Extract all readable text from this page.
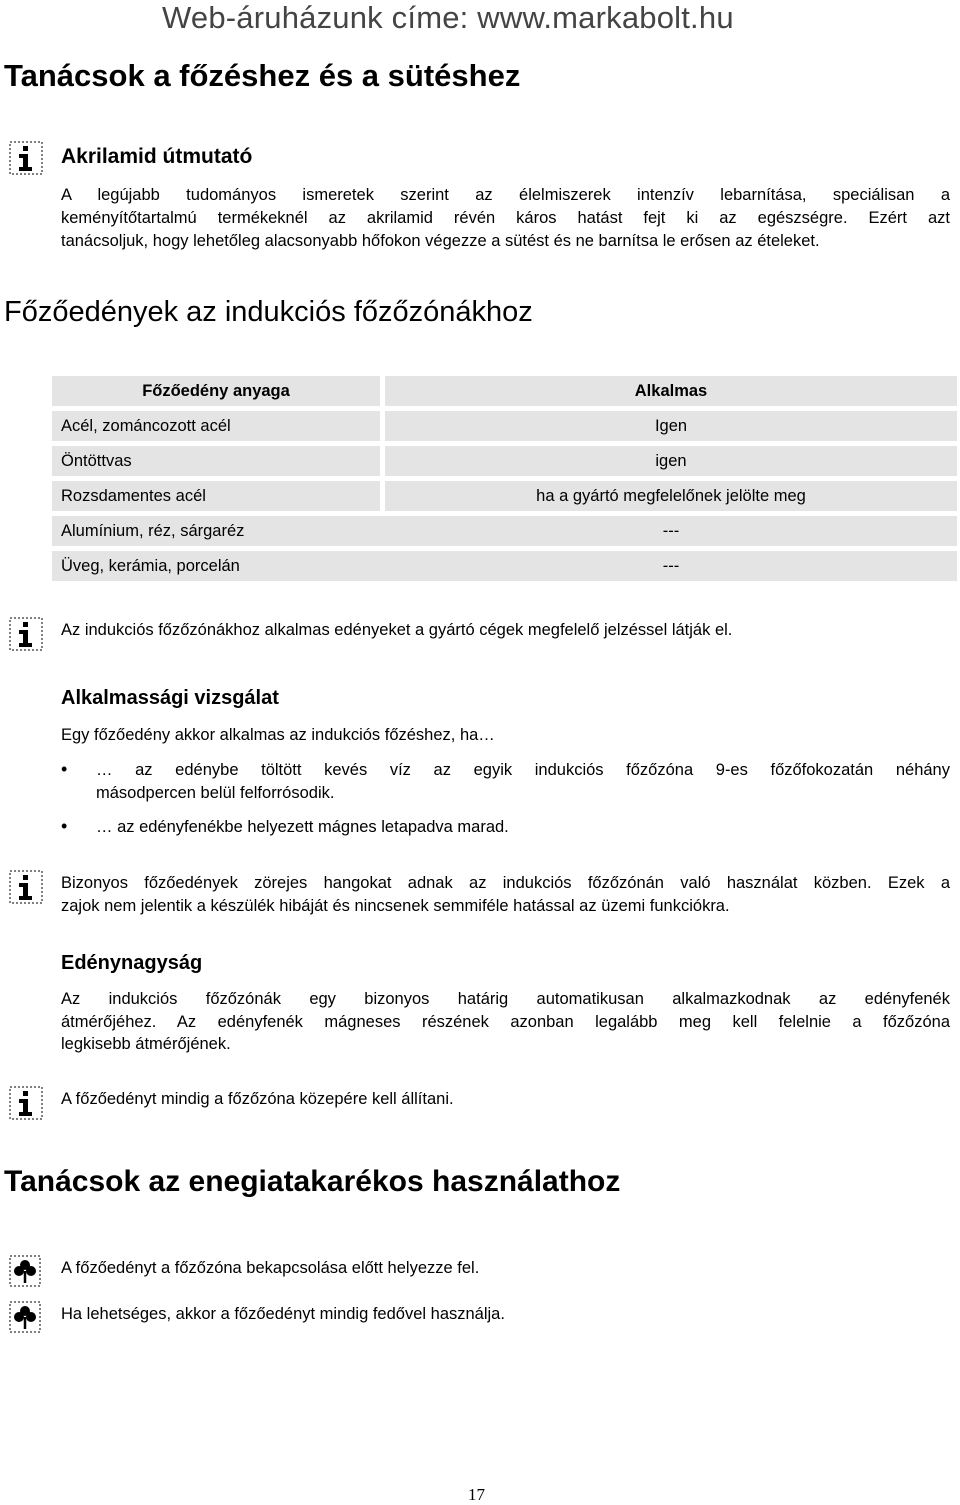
Web-áruházunk címe: www.markabolt.hu
Tanácsok a főzéshez és a sütéshez
Akrilamid útmutató
A legújabb tudományos ismeretek szerint az élelmiszerek intenzív lebarnítása, speciálisan a
keményítőtartalmú termékeknél az akrilamid révén káros hatást fejt ki az egészségre. Ezért azt
tanácsoljuk, hogy lehetőleg alacsonyabb hőfokon végezze a sütést és ne barnítsa le erősen az ételeket.
Főzőedények az indukciós főzőzónákhoz
Főzőedény anyaga	Alkalmas
Acél, zománcozott acél	Igen
Öntöttvas	igen
Rozsdamentes acél	ha a gyártó megfelelőnek jelölte meg
Alumínium, réz, sárgaréz	---
Üveg, kerámia, porcelán	---
Az indukciós főzőzónákhoz alkalmas edényeket a gyártó cégek megfelelő jelzéssel látják el.
Alkalmassági vizsgálat
Egy főzőedény akkor alkalmas az indukciós főzéshez, ha…
• … az edénybe töltött kevés víz az egyik indukciós főzőzóna 9-es főzőfokozatán néhány
másodpercen belül felforrósodik.
• … az edényfenékbe helyezett mágnes letapadva marad.
Bizonyos főzőedények zörejes hangokat adnak az indukciós főzőzónán való használat közben. Ezek a
zajok nem jelentik a készülék hibáját és nincsenek semmiféle hatással az üzemi funkciókra.
Edénynagyság
Az indukciós főzőzónák egy bizonyos határig automatikusan alkalmazkodnak az edényfenék
átmérőjéhez. Az edényfenék mágneses részének azonban legalább meg kell felelnie a főzőzóna
legkisebb átmérőjének.
A főzőedényt mindig a főzőzóna közepére kell állítani.
Tanácsok az enegiatakarékos használathoz
A főzőedényt a főzőzóna bekapcsolása előtt helyezze fel.
Ha lehetséges, akkor a főzőedényt mindig fedővel használja.
17
